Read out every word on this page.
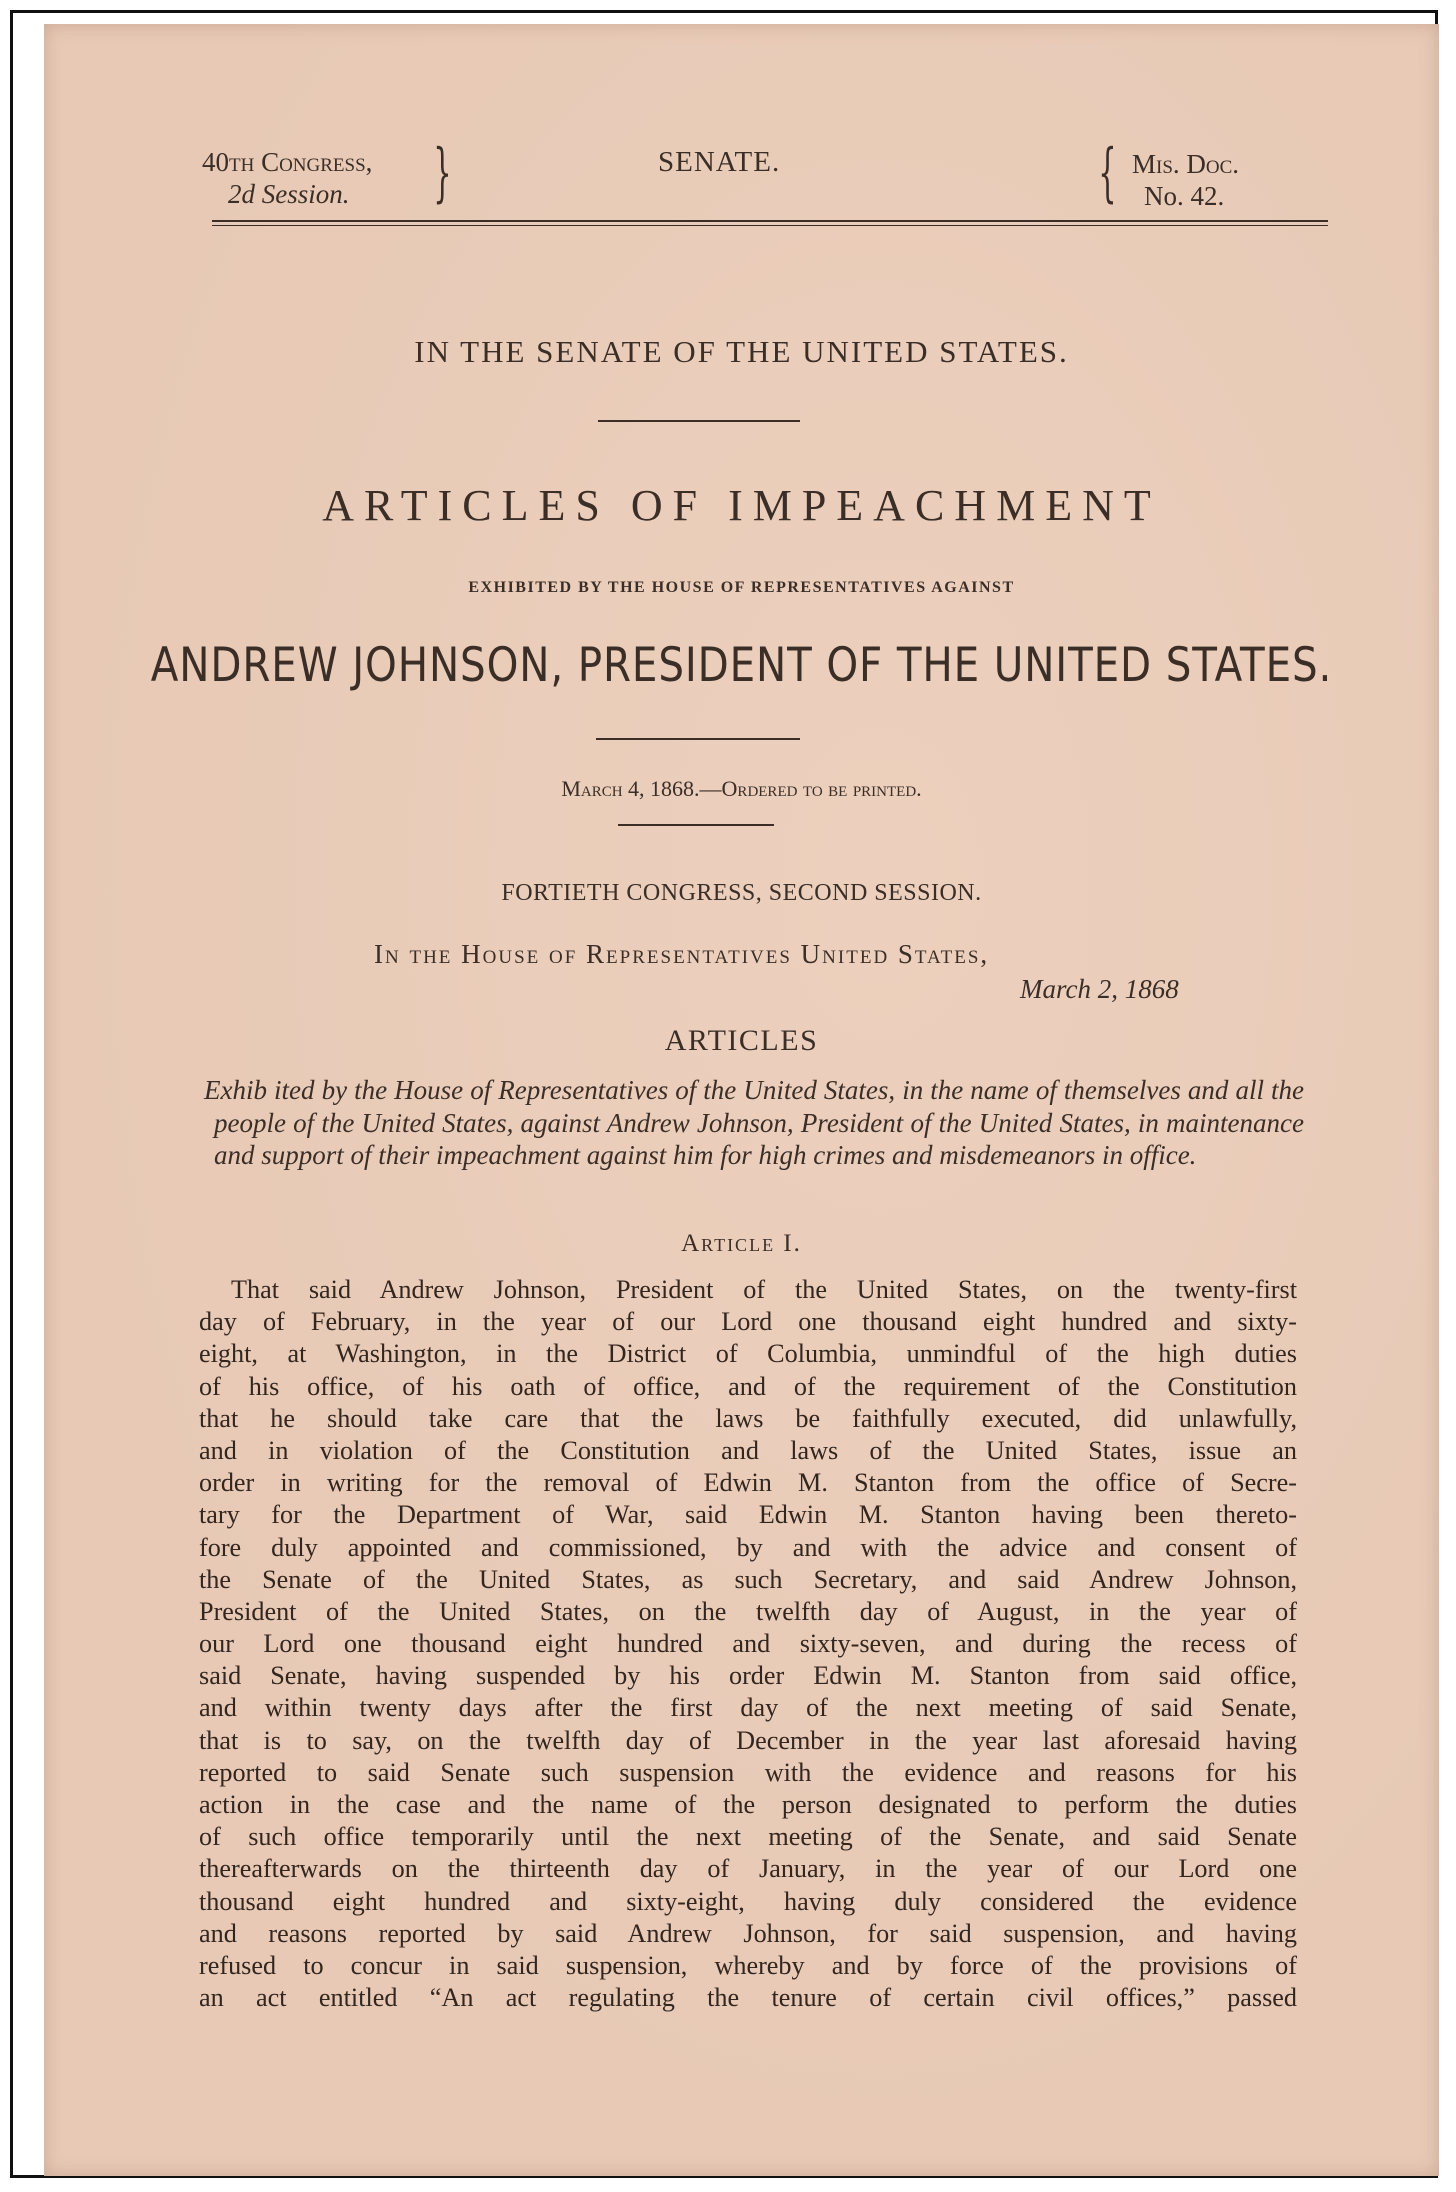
40th Congress,
2d Session. }	SENATE.	{ Mis. Doc.
No. 42.
IN THE SENATE OF THE UNITED STATES.
ARTICLES OF IMPEACHMENT
EXHIBITED BY THE HOUSE OF REPRESENTATIVES AGAINST
ANDREW JOHNSON, PRESIDENT OF THE UNITED STATES.
March 4, 1868.—Ordered to be printed.
FORTIETH CONGRESS, SECOND SESSION.
In the House of Representatives United States,
March 2, 1868
ARTICLES

Exhib ited by the House of Representatives of the United States, in the name of themselves and all the people of the United States, against Andrew Johnson, President of the United States, in maintenance and support of their impeachment against him for high crimes and misdemeanors in office.

Article I.
That said Andrew Johnson, President of the United States, on the twenty-first
day of February, in the year of our Lord one thousand eight hundred and sixty-
eight, at Washington, in the District of Columbia, unmindful of the high duties
of his office, of his oath of office, and of the requirement of the Constitution
that he should take care that the laws be faithfully executed, did unlawfully,
and in violation of the Constitution and laws of the United States, issue an
order in writing for the removal of Edwin M. Stanton from the office of Secre-
tary for the Department of War, said Edwin M. Stanton having been thereto-
fore duly appointed and commissioned, by and with the advice and consent of
the Senate of the United States, as such Secretary, and said Andrew Johnson,
President of the United States, on the twelfth day of August, in the year of
our Lord one thousand eight hundred and sixty-seven, and during the recess of
said Senate, having suspended by his order Edwin M. Stanton from said office,
and within twenty days after the first day of the next meeting of said Senate,
that is to say, on the twelfth day of December in the year last aforesaid having
reported to said Senate such suspension with the evidence and reasons for his
action in the case and the name of the person designated to perform the duties
of such office temporarily until the next meeting of the Senate, and said Senate
thereafterwards on the thirteenth day of January, in the year of our Lord one
thousand eight hundred and sixty-eight, having duly considered the evidence
and reasons reported by said Andrew Johnson, for said suspension, and having
refused to concur in said suspension, whereby and by force of the provisions of
an act entitled “An act regulating the tenure of certain civil offices,” passed
